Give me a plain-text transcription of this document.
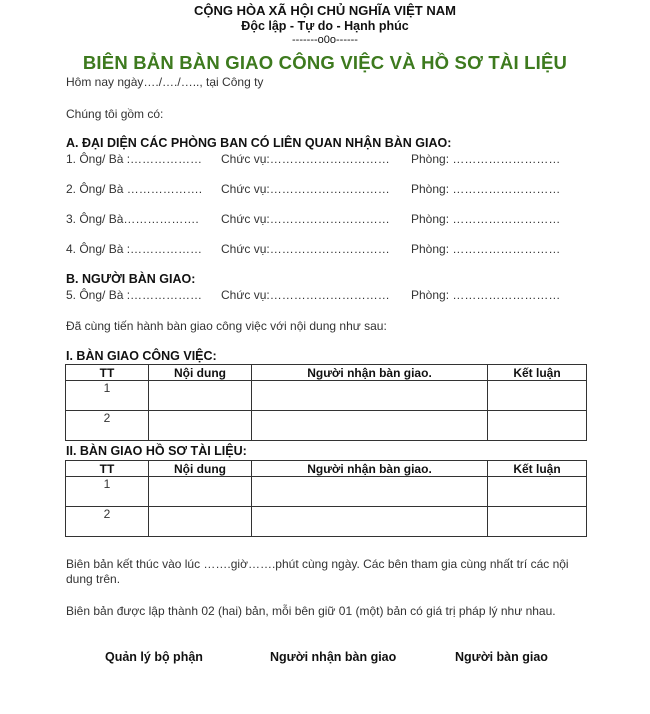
CỘNG HÒA XÃ HỘI CHỦ NGHĨA VIỆT NAM
Độc lập - Tự do - Hạnh phúc
-------o0o------
BIÊN BẢN BÀN GIAO CÔNG VIỆC VÀ HỒ SƠ TÀI LIỆU
Hôm nay ngày…./…./….., tại Công ty
Chúng tôi gồm có:
A. ĐẠI DIỆN CÁC PHÒNG BAN CÓ LIÊN QUAN NHẬN BÀN GIAO:
1. Ông/ Bà :……………… Chức vụ:………………………… Phòng: ………………………
2. Ông/ Bà ………………. Chức vụ:………………………… Phòng: ………………………
3. Ông/ Bà………………. Chức vụ:………………………… Phòng: ………………………
4. Ông/ Bà :……………… Chức vụ:………………………… Phòng: ………………………
B. NGƯỜI BÀN GIAO:
5. Ông/ Bà :……………… Chức vụ:………………………… Phòng: ………………………
Đã cùng tiến hành bàn giao công việc với nội dung như sau:
I. BÀN GIAO CÔNG VIỆC:
TT	Nội dung	Người nhận bàn giao.	Kết luận
1			
2			
II. BÀN GIAO HỒ SƠ TÀI LIỆU:
TT	Nội dung	Người nhận bàn giao.	Kết luận
1			
2			
Biên bản kết thúc vào lúc …….giờ…….phút cùng ngày. Các bên tham gia cùng nhất trí các nội dung trên.
Biên bản được lập thành 02 (hai) bản, mỗi bên giữ 01 (một) bản có giá trị pháp lý như nhau.
Quản lý bộ phận	Người nhận bàn giao	Người bàn giao
